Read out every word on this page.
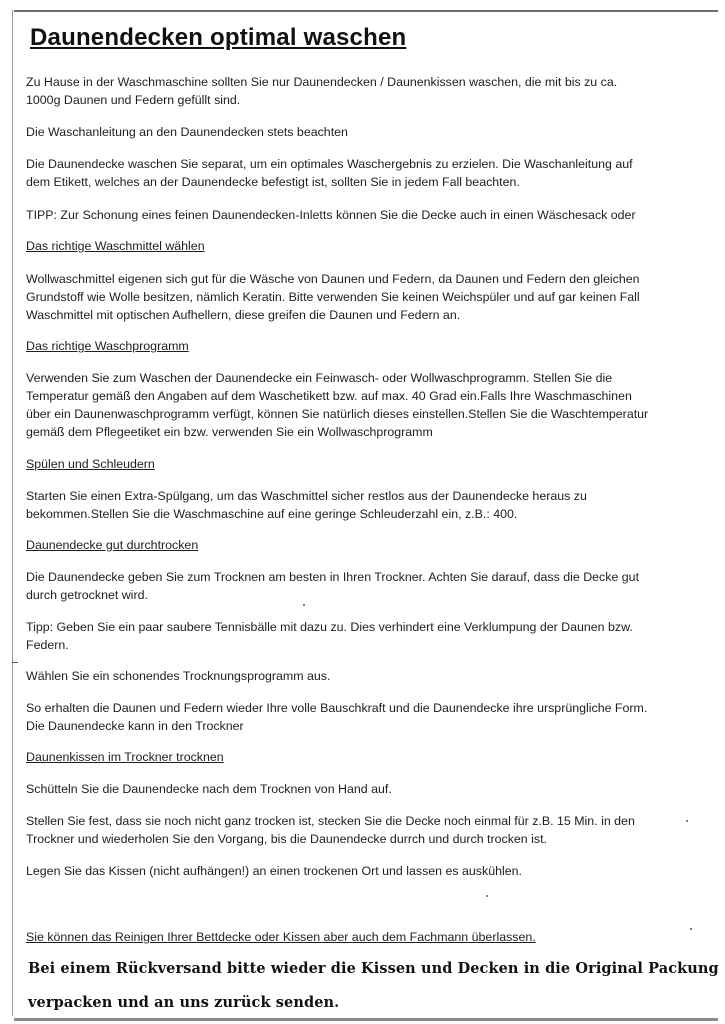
Daunendecken optimal waschen

Zu Hause in der Waschmaschine sollten Sie nur Daunendecken / Daunenkissen waschen, die mit bis zu ca.

1000g Daunen und Federn gefüllt sind.

Die Waschanleitung an den Daunendecken stets beachten

Die Daunendecke waschen Sie separat, um ein optimales Waschergebnis zu erzielen. Die Waschanleitung auf

dem Etikett, welches an der Daunendecke befestigt ist, sollten Sie in jedem Fall beachten.

TIPP: Zur Schonung eines feinen Daunendecken-Inletts können Sie die Decke auch in einen Wäschesack oder

Das richtige Waschmittel wählen

Wollwaschmittel eigenen sich gut für die Wäsche von Daunen und Federn, da Daunen und Federn den gleichen

Grundstoff wie Wolle besitzen, nämlich Keratin. Bitte verwenden Sie keinen Weichspüler und auf gar keinen Fall

Waschmittel mit optischen Aufhellern, diese greifen die Daunen und Federn an.

Das richtige Waschprogramm

Verwenden Sie zum Waschen der Daunendecke ein Feinwasch- oder Wollwaschprogramm. Stellen Sie die

Temperatur gemäß den Angaben auf dem Waschetikett bzw. auf max. 40 Grad ein.Falls Ihre Waschmaschinen

über ein Daunenwaschprogramm verfügt, können Sie natürlich dieses einstellen.Stellen Sie die Waschtemperatur

gemäß dem Pflegeetiket ein bzw. verwenden Sie ein Wollwaschprogramm

Spülen und Schleudern

Starten Sie einen Extra-Spülgang, um das Waschmittel sicher restlos aus der Daunendecke heraus zu

bekommen.Stellen Sie die Waschmaschine auf eine geringe Schleuderzahl ein, z.B.: 400.

Daunendecke gut durchtrocken

Die Daunendecke geben Sie zum Trocknen am besten in Ihren Trockner. Achten Sie darauf, dass die Decke gut

durch getrocknet wird.

Tipp: Geben Sie ein paar saubere Tennisbälle mit dazu zu. Dies verhindert eine Verklumpung der Daunen bzw.

Federn.

Wählen Sie ein schonendes Trocknungsprogramm aus.

So erhalten die Daunen und Federn wieder Ihre volle Bauschkraft und die Daunendecke ihre ursprüngliche Form.

Die Daunendecke kann in den Trockner

Daunenkissen im Trockner trocknen

Schütteln Sie die Daunendecke nach dem Trocknen von Hand auf.

Stellen Sie fest, dass sie noch nicht ganz trocken ist, stecken Sie die Decke noch einmal für z.B. 15 Min. in den

Trockner und wiederholen Sie den Vorgang, bis die Daunendecke durrch und durch trocken ist.

Legen Sie das Kissen (nicht aufhängen!) an einen trockenen Ort und lassen es auskühlen.

Sie können das Reinigen Ihrer Bettdecke oder Kissen aber auch dem Fachmann überlassen.

Bei einem Rückversand bitte wieder die Kissen und Decken in die Original Packung

verpacken und an uns zurück senden.
